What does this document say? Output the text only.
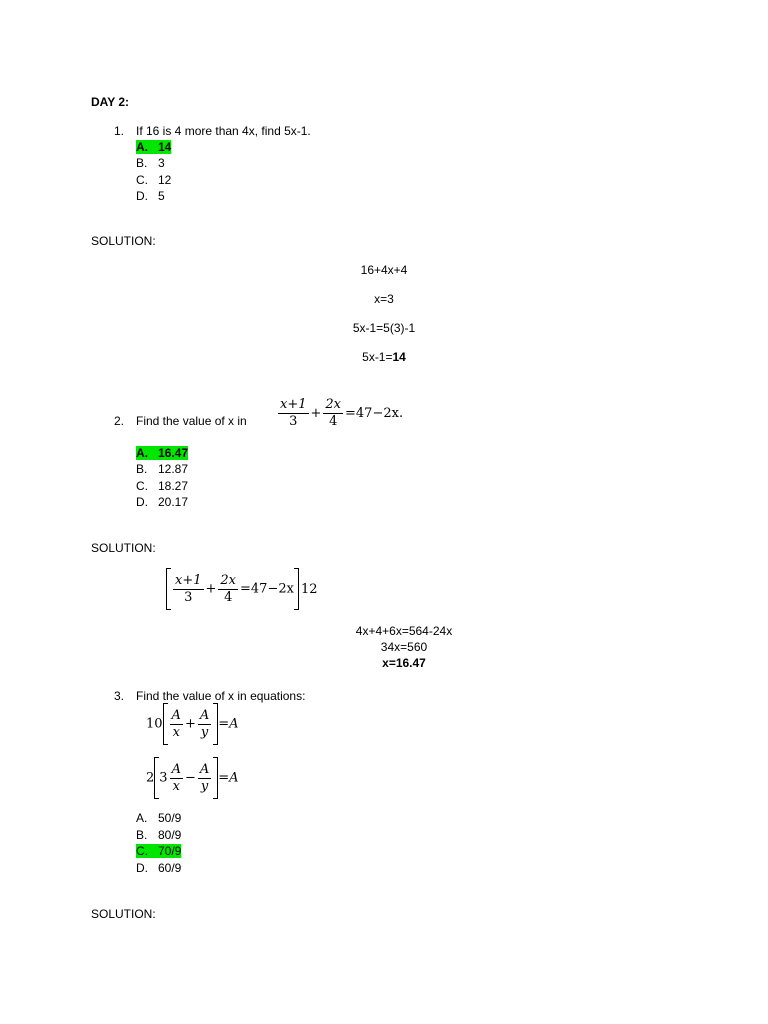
DAY 2:
1. If 16 is 4 more than 4x, find 5x-1.
A. 14
B. 3
C. 12
D. 5
SOLUTION:
16+4x+4
x=3
5x-1=5(3)-1
5x-1=14
2. Find the value of x in $\frac{x+1}{3} + \frac{2x}{4} =47-2x$.
A. 16.47
B. 12.87
C. 18.27
D. 20.17
SOLUTION:
$\frac{x+1}{3} + \frac{2x}{4} =47-2x$ 12
4x+4+6x=564-24x
34x=560
x=16.47
3. Find the value of x in equations:
$10 \frac{A}{x} + \frac{A}{y} =A$
2 $3 \frac{A}{x} - \frac{A}{y} =A$
A. 50/9
B. 80/9
C. 70/9
D. 60/9
SOLUTION:
